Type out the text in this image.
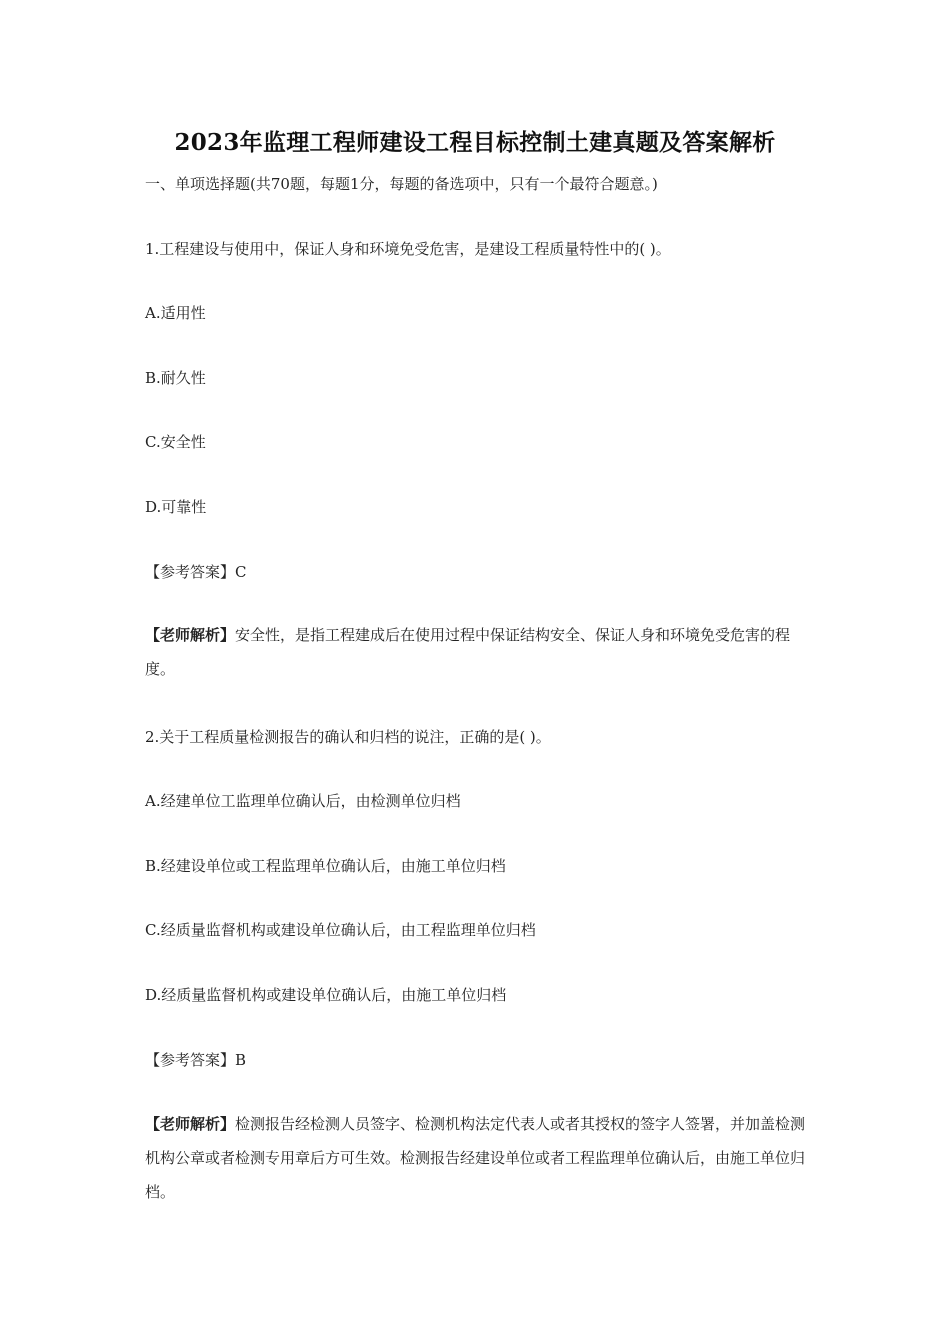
2023年监理工程师建设工程目标控制土建真题及答案解析
一、单项选择题(共70题，每题1分，每题的备选项中，只有一个最符合题意。)
1.工程建设与使用中，保证人身和环境免受危害，是建设工程质量特性中的( )。
A.适用性
B.耐久性
C.安全性
D.可靠性
【参考答案】C
【老师解析】安全性，是指工程建成后在使用过程中保证结构安全、保证人身和环境免受危害的程度。
2.关于工程质量检测报告的确认和归档的说注，正确的是( )。
A.经建单位工监理单位确认后，由检测单位归档
B.经建设单位或工程监理单位确认后，由施工单位归档
C.经质量监督机构或建设单位确认后，由工程监理单位归档
D.经质量监督机构或建设单位确认后，由施工单位归档
【参考答案】B
【老师解析】检测报告经检测人员签字、检测机构法定代表人或者其授权的签字人签署，并加盖检测机构公章或者检测专用章后方可生效。检测报告经建设单位或者工程监理单位确认后，由施工单位归档。
